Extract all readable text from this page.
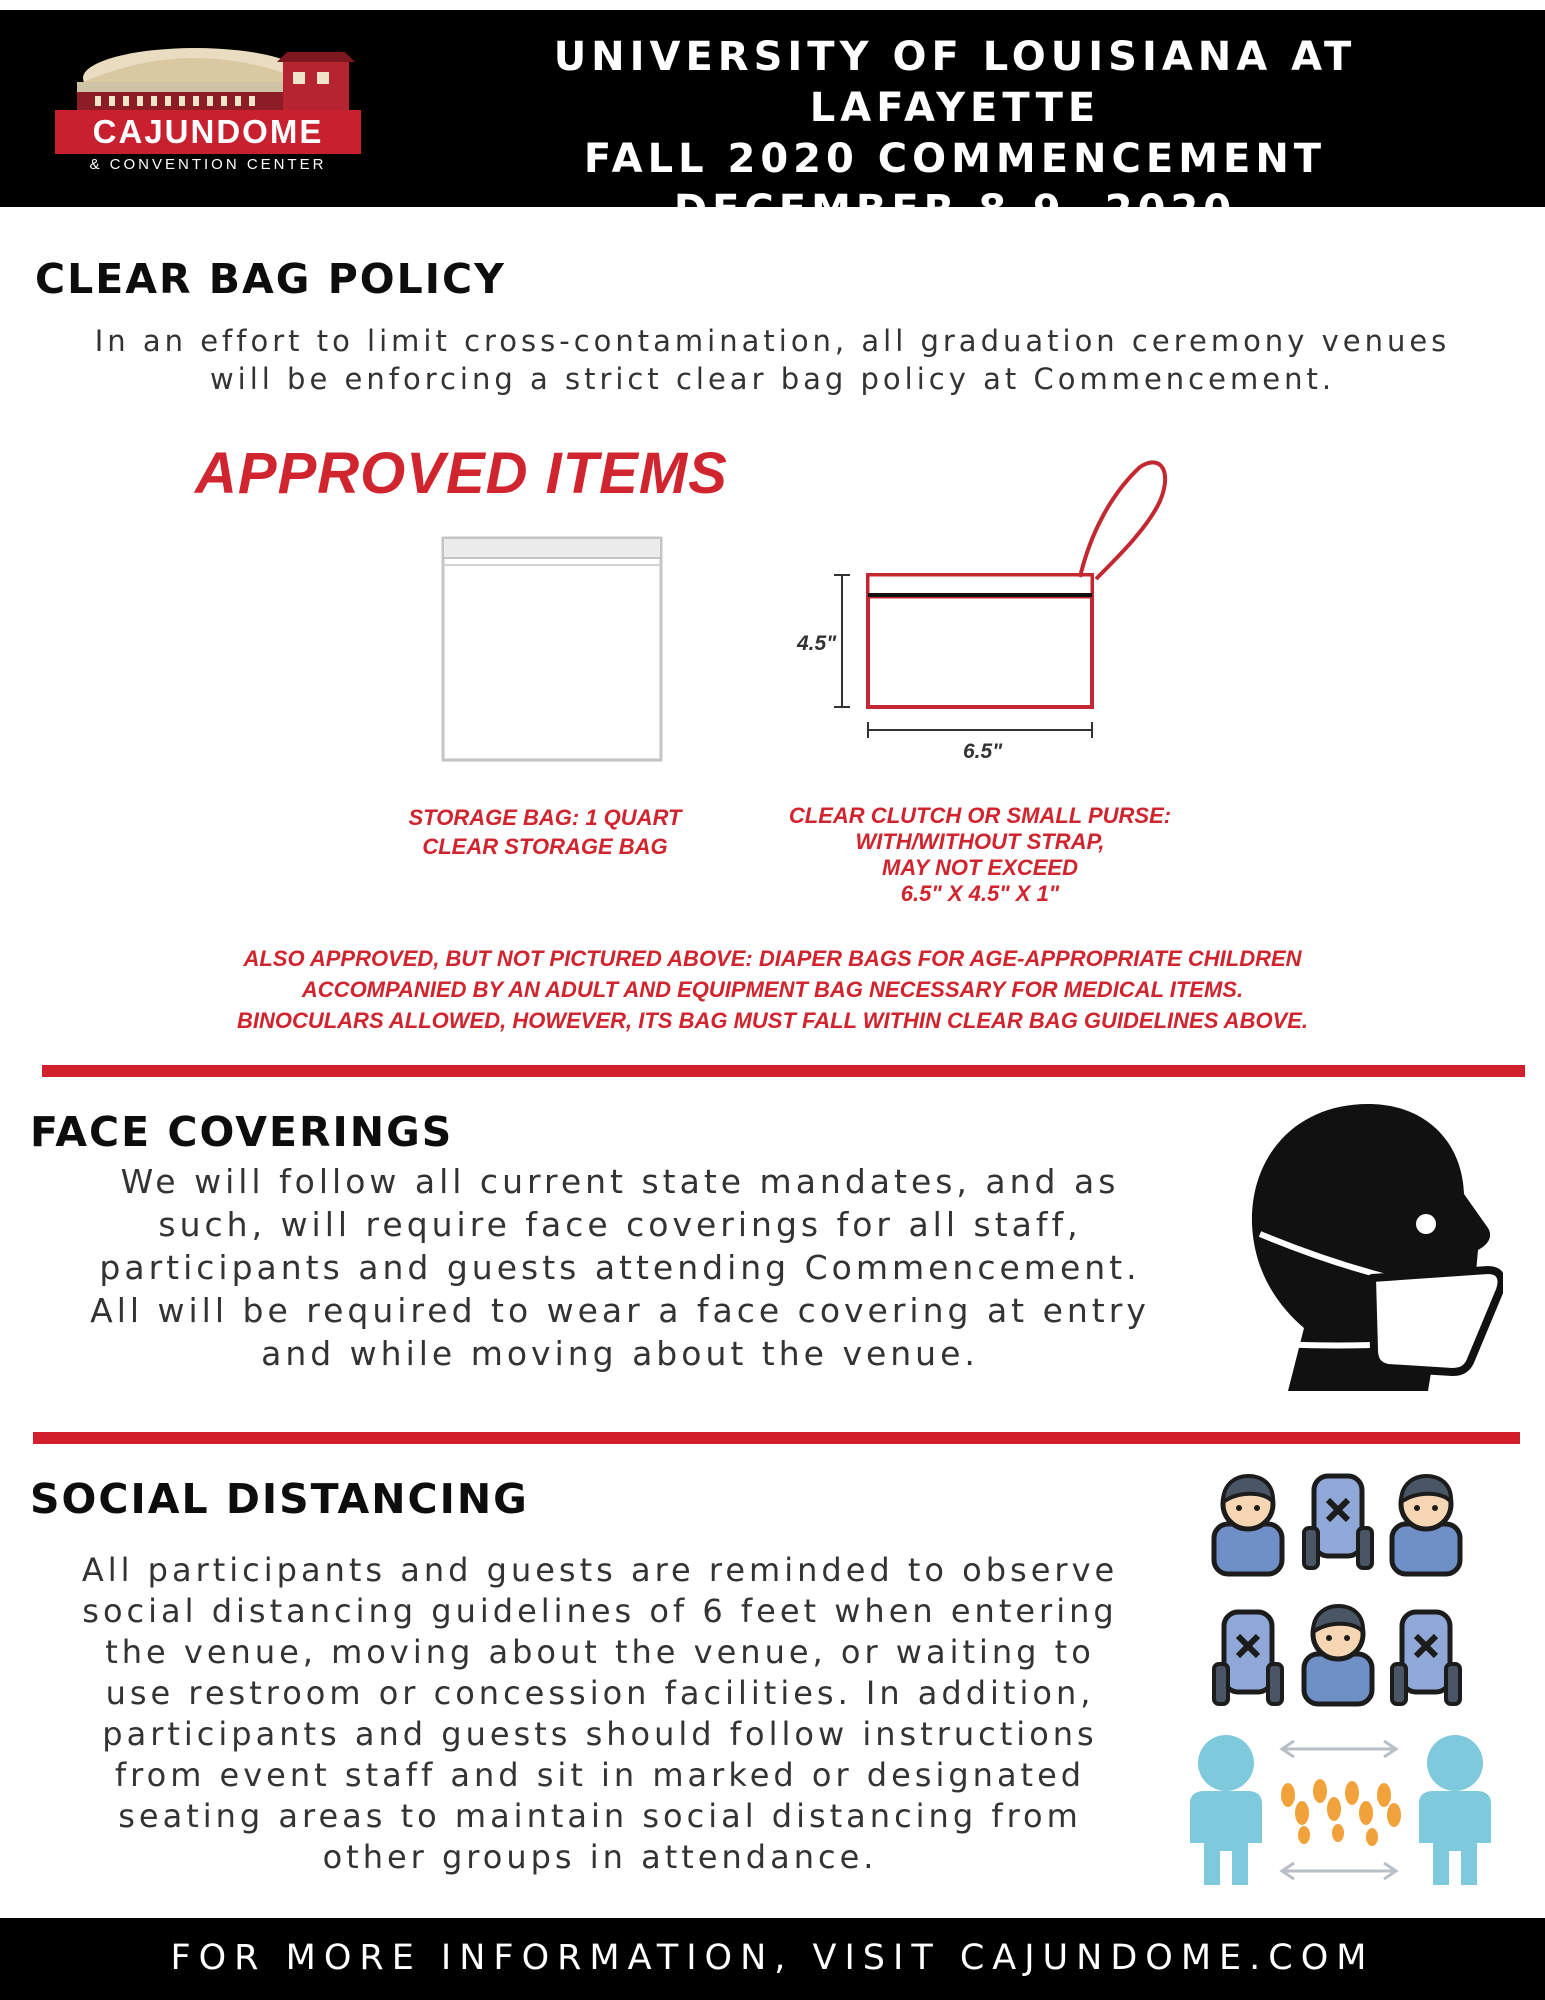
CAJUNDOME
& CONVENTION CENTER
UNIVERSITY OF LOUISIANA AT LAFAYETTE
FALL 2020 COMMENCEMENT
DECEMBER 8-9, 2020
CLEAR BAG POLICY
In an effort to limit cross-contamination, all graduation ceremony venues
will be enforcing a strict clear bag policy at Commencement.
APPROVED ITEMS
4.5"
6.5"
STORAGE BAG: 1 QUART
CLEAR STORAGE BAG
CLEAR CLUTCH OR SMALL PURSE:
WITH/WITHOUT STRAP,
MAY NOT EXCEED
6.5" X 4.5" X 1"
ALSO APPROVED, BUT NOT PICTURED ABOVE: DIAPER BAGS FOR AGE-APPROPRIATE CHILDREN
ACCOMPANIED BY AN ADULT AND EQUIPMENT BAG NECESSARY FOR MEDICAL ITEMS.
BINOCULARS ALLOWED, HOWEVER, ITS BAG MUST FALL WITHIN CLEAR BAG GUIDELINES ABOVE.
FACE COVERINGS
We will follow all current state mandates, and as
such, will require face coverings for all staff,
participants and guests attending Commencement.
All will be required to wear a face covering at entry
and while moving about the venue.
SOCIAL DISTANCING
All participants and guests are reminded to observe
social distancing guidelines of 6 feet when entering
the venue, moving about the venue, or waiting to
use restroom or concession facilities. In addition,
participants and guests should follow instructions
from event staff and sit in marked or designated
seating areas to maintain social distancing from
other groups in attendance.
FOR MORE INFORMATION, VISIT CAJUNDOME.COM
